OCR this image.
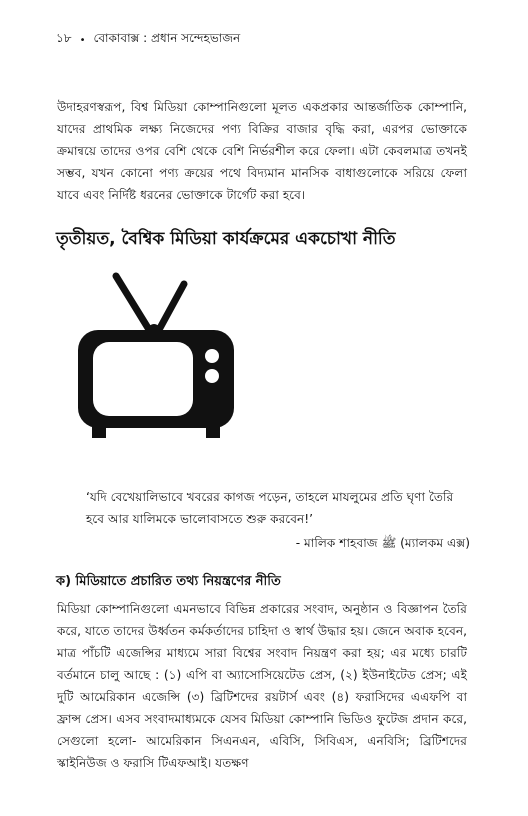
১৮ • বোকাবাক্স : প্রধান সন্দেহভাজন

উদাহরণস্বরূপ, বিশ্ব মিডিয়া কোম্পানিগুলো মূলত একপ্রকার আন্তর্জাতিক কোম্পানি, যাদের প্রাথমিক লক্ষ্য নিজেদের পণ্য বিক্রির বাজার বৃদ্ধি করা, এরপর ভোক্তাকে ক্রমান্বয়ে তাদের ওপর বেশি থেকে বেশি নির্ভরশীল করে ফেলা। এটা কেবলমাত্র তখনই সম্ভব, যখন কোনো পণ্য ক্রয়ের পথে বিদ্যমান মানসিক বাধাগুলোকে সরিয়ে ফেলা যাবে এবং নির্দিষ্ট ধরনের ভোক্তাকে টার্গেট করা হবে।

তৃতীয়ত, বৈশ্বিক মিডিয়া কার্যক্রমের একচোখা নীতি

‘যদি বেখেয়ালিভাবে খবরের কাগজ পড়েন, তাহলে মাযলুমের প্রতি ঘৃণা তৈরি হবে আর যালিমকে ভালোবাসতে শুরু করবেন!’

- মালিক শাহবাজ ﷺ (ম্যালকম এক্স)

ক) মিডিয়াতে প্রচারিত তথ্য নিয়ন্ত্রণের নীতি

মিডিয়া কোম্পানিগুলো এমনভাবে বিভিন্ন প্রকারের সংবাদ, অনুষ্ঠান ও বিজ্ঞাপন তৈরি করে, যাতে তাদের উর্ধ্বতন কর্মকর্তাদের চাহিদা ও স্বার্থ উদ্ধার হয়। জেনে অবাক হবেন, মাত্র পাঁচটি এজেন্সির মাধ্যমে সারা বিশ্বের সংবাদ নিয়ন্ত্রণ করা হয়; এর মধ্যে চারটি বর্তমানে চালু আছে : (১) এপি বা অ্যাসোসিয়েটেড প্রেস, (২) ইউনাইটেড প্রেস; এই দুটি আমেরিকান এজেন্সি (৩) ব্রিটিশদের রয়টার্স এবং (৪) ফরাসিদের এএফপি বা ফ্রান্স প্রেস। এসব সংবাদমাধ্যমকে যেসব মিডিয়া কোম্পানি ভিডিও ফুটেজ প্রদান করে, সেগুলো হলো- আমেরিকান সিএনএন, এবিসি, সিবিএস, এনবিসি; ব্রিটিশদের স্কাইনিউজ ও ফরাসি টিএফআই। যতক্ষণ
